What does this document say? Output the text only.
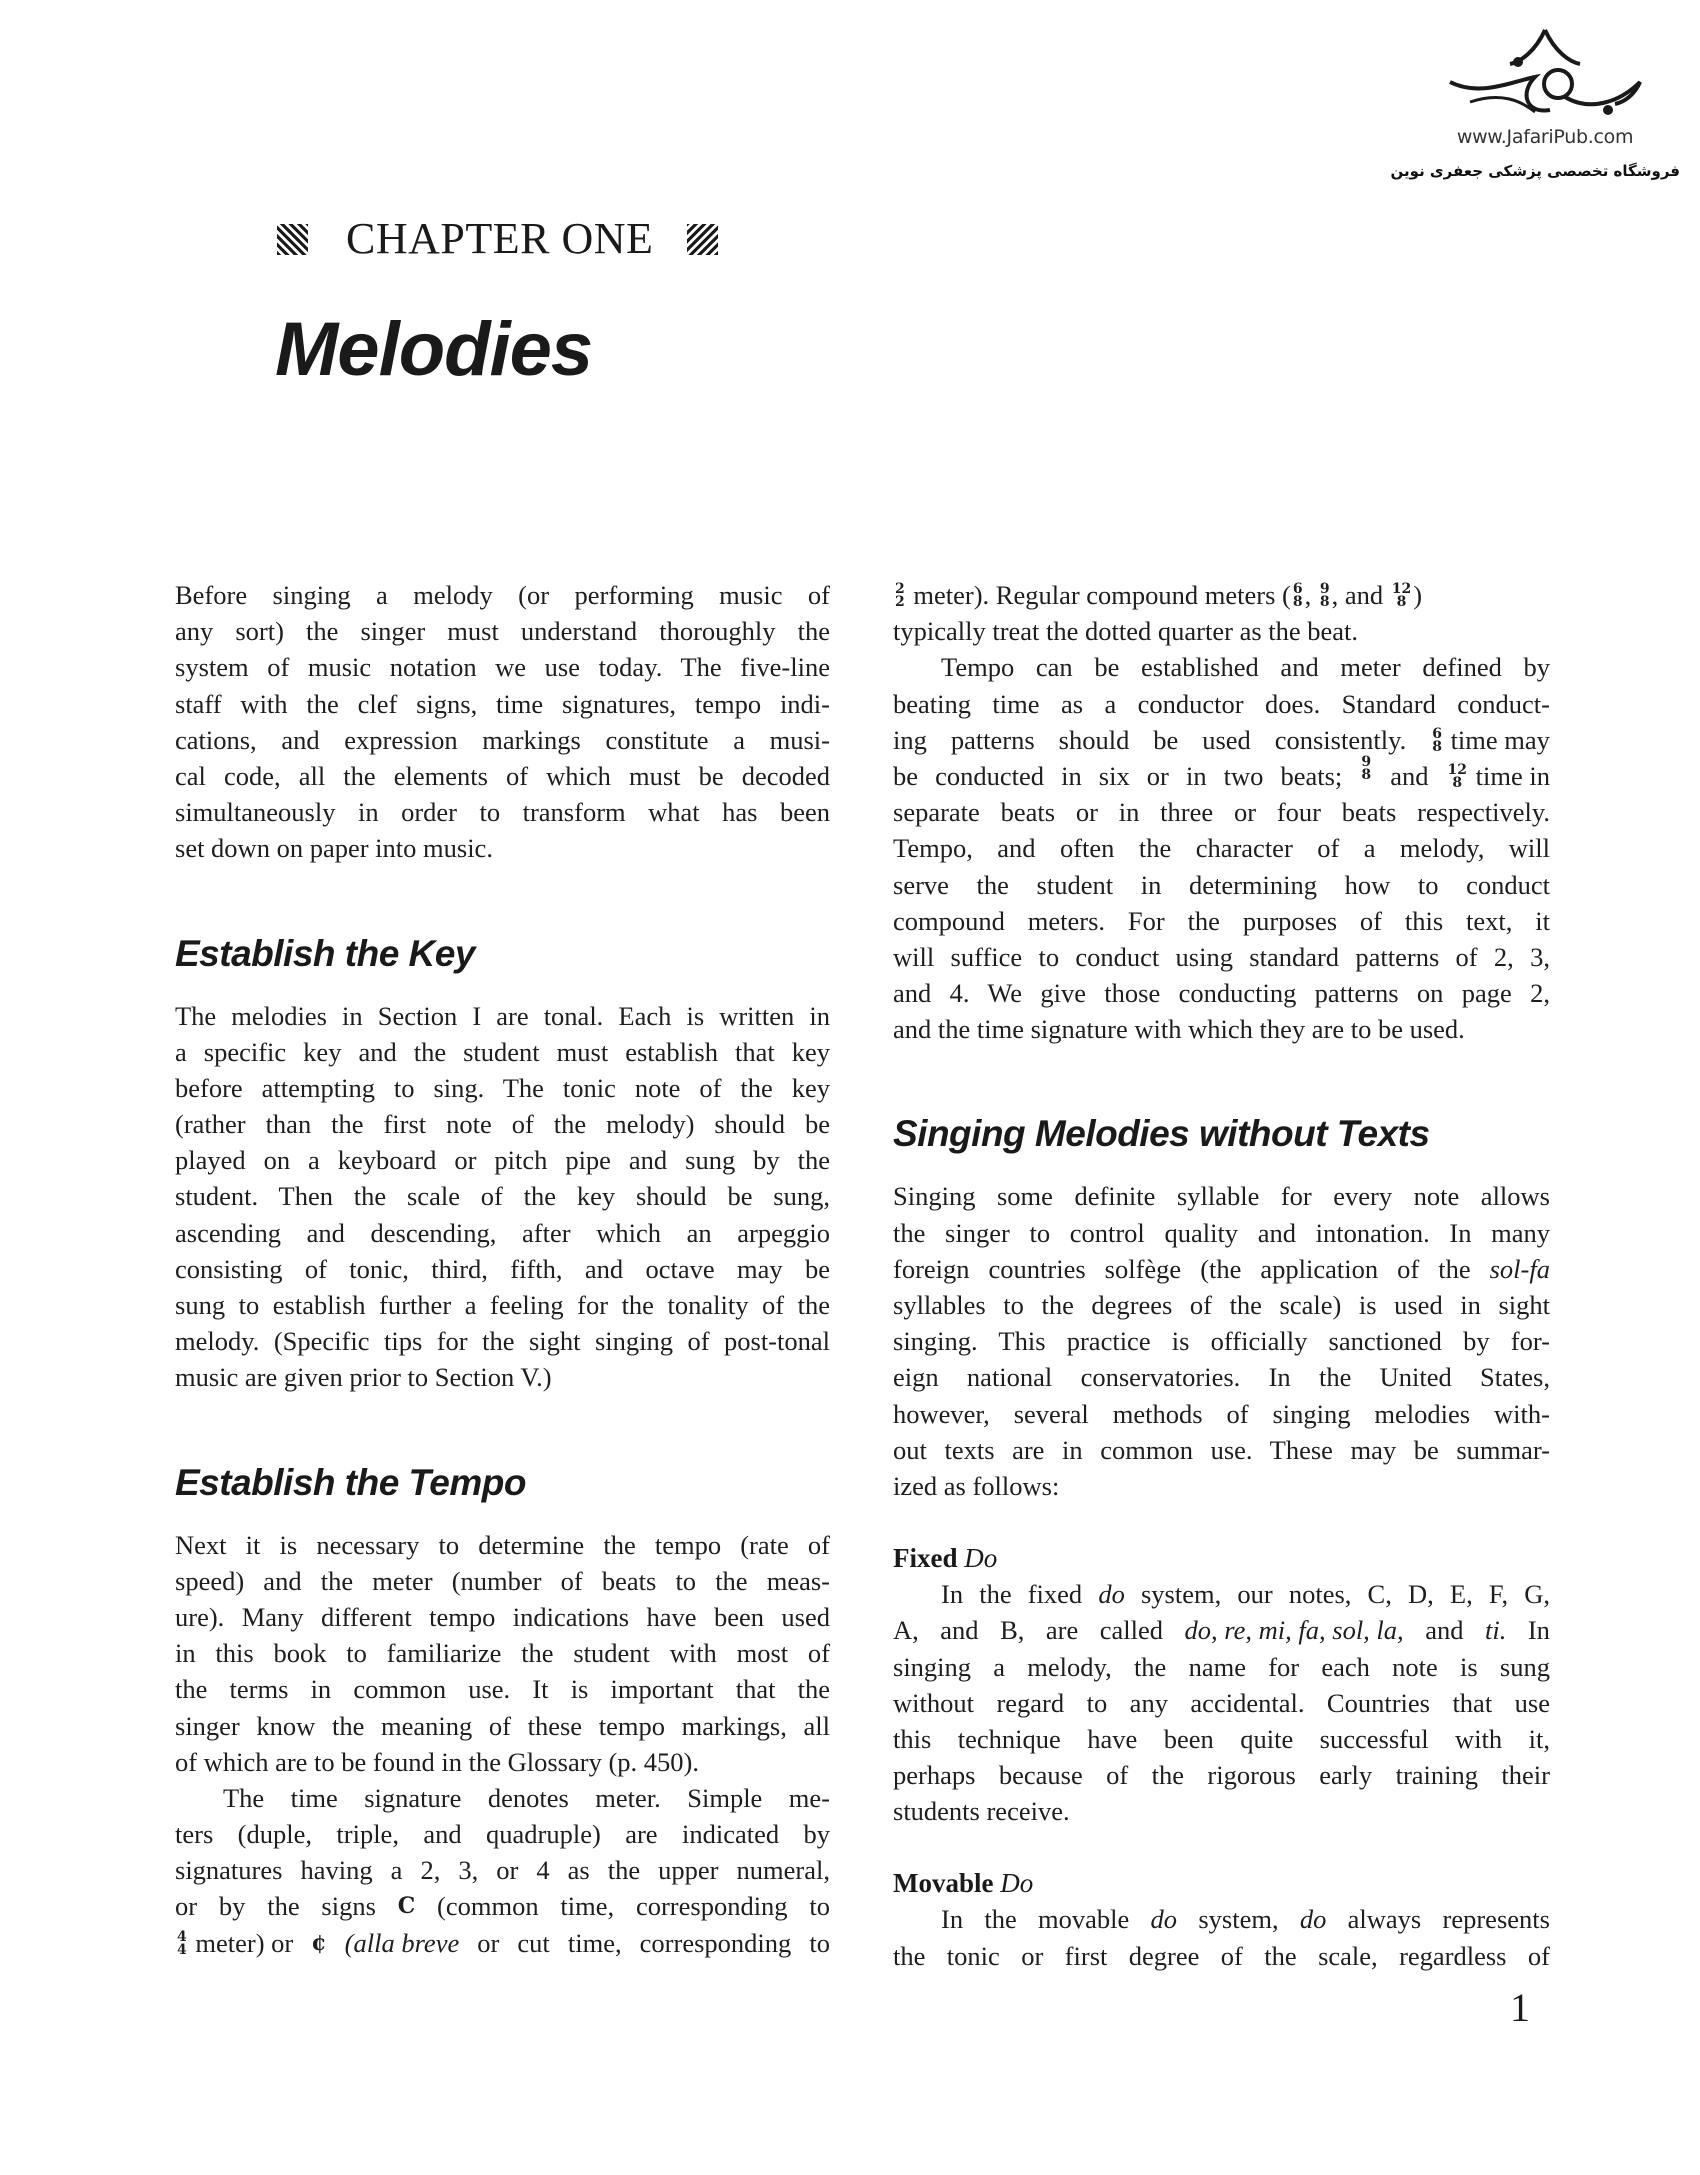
www.JafariPub.com
فروشگاه تخصصی پزشکی جعفری نوین
CHAPTER ONE
Melodies
Before singing a melody (or performing music of
any sort) the singer must understand thoroughly the
system of music notation we use today. The five-line
staff with the clef signs, time signatures, tempo indi-
cations, and expression markings constitute a musi-
cal code, all the elements of which must be decoded
simultaneously in order to transform what has been
set down on paper into music.
Establish the Key
The melodies in Section I are tonal. Each is written in
a specific key and the student must establish that key
before attempting to sing. The tonic note of the key
(rather than the first note of the melody) should be
played on a keyboard or pitch pipe and sung by the
student. Then the scale of the key should be sung,
ascending and descending, after which an arpeggio
consisting of tonic, third, fifth, and octave may be
sung to establish further a feeling for the tonality of the
melody. (Specific tips for the sight singing of post-tonal
music are given prior to Section V.)
Establish the Tempo
Next it is necessary to determine the tempo (rate of
speed) and the meter (number of beats to the meas-
ure). Many different tempo indications have been used
in this book to familiarize the student with most of
the terms in common use. It is important that the
singer know the meaning of these tempo markings, all
of which are to be found in the Glossary (p. 450).
The time signature denotes meter. Simple me-
ters (duple, triple, and quadruple) are indicated by
signatures having a 2, 3, or 4 as the upper numeral,
or by the signs C (common time, corresponding to
4
4 meter) or ¢ (alla breve or cut time, corresponding to
2
2 meter). Regular compound meters ( 6
8 , 9
8 , and 12
8 )
typically treat the dotted quarter as the beat.
Tempo can be established and meter defined by
beating time as a conductor does. Standard conduct-
ing patterns should be used consistently. 6
8 time may
be conducted in six or in two beats; 9
8 and 12
8 time in
separate beats or in three or four beats respectively.
Tempo, and often the character of a melody, will
serve the student in determining how to conduct
compound meters. For the purposes of this text, it
will suffice to conduct using standard patterns of 2, 3,
and 4. We give those conducting patterns on page 2,
and the time signature with which they are to be used.
Singing Melodies without Texts
Singing some definite syllable for every note allows
the singer to control quality and intonation. In many
foreign countries solfège (the application of the sol-fa
syllables to the degrees of the scale) is used in sight
singing. This practice is officially sanctioned by for-
eign national conservatories. In the United States,
however, several methods of singing melodies with-
out texts are in common use. These may be summar-
ized as follows:
Fixed Do
In the fixed do system, our notes, C, D, E, F, G,
A, and B, are called do, re, mi, fa, sol, la, and ti. In
singing a melody, the name for each note is sung
without regard to any accidental. Countries that use
this technique have been quite successful with it,
perhaps because of the rigorous early training their
students receive.
Movable Do
In the movable do system, do always represents
the tonic or first degree of the scale, regardless of
1
